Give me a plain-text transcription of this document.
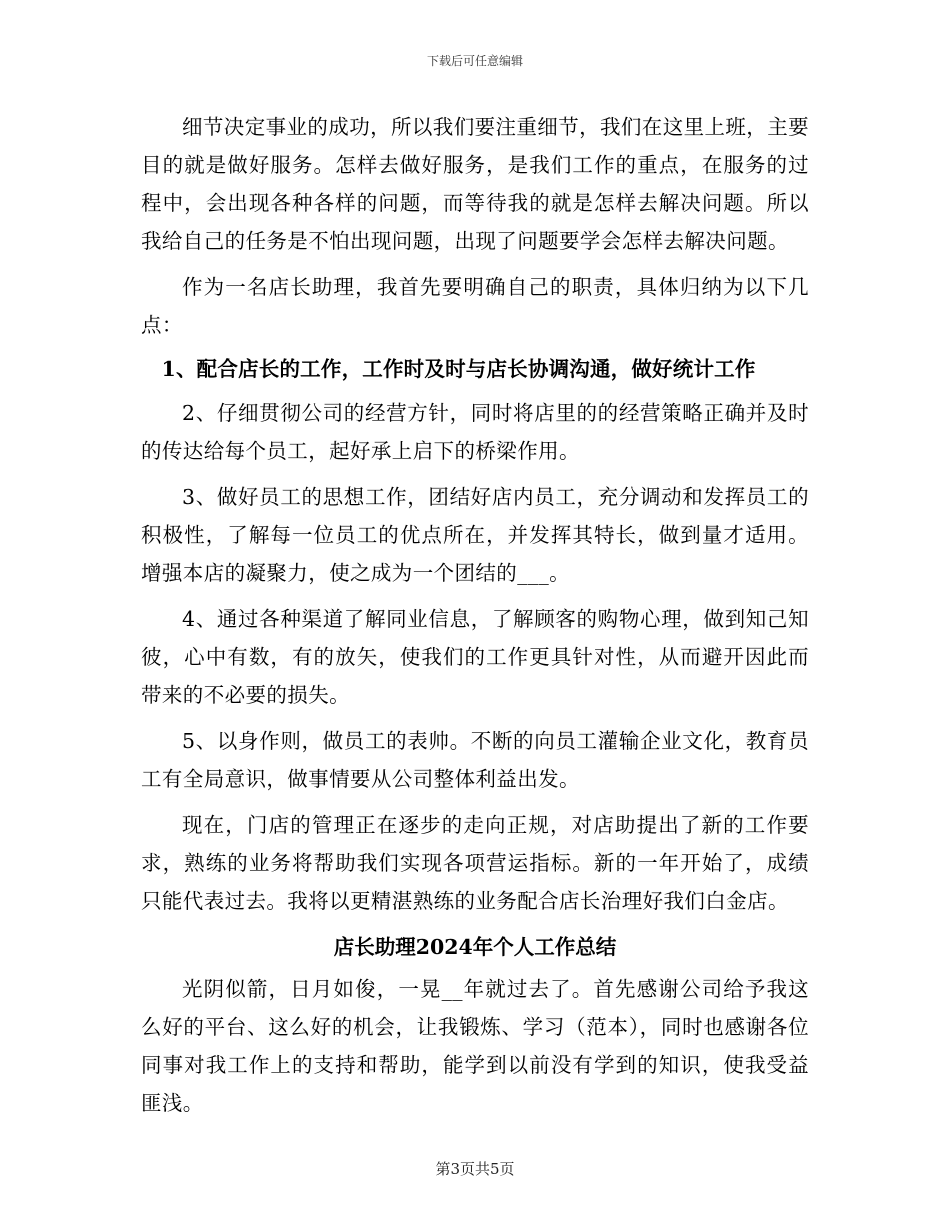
下载后可任意编辑

细节决定事业的成功，所以我们要注重细节，我们在这里上班，主要目的就是做好服务。怎样去做好服务，是我们工作的重点，在服务的过程中，会出现各种各样的问题，而等待我的就是怎样去解决问题。所以我给自己的任务是不怕出现问题，出现了问题要学会怎样去解决问题。

作为一名店长助理，我首先要明确自己的职责，具体归纳为以下几点：

1、配合店长的工作，工作时及时与店长协调沟通，做好统计工作

2、仔细贯彻公司的经营方针，同时将店里的的经营策略正确并及时的传达给每个员工，起好承上启下的桥梁作用。

3、做好员工的思想工作，团结好店内员工，充分调动和发挥员工的积极性，了解每一位员工的优点所在，并发挥其特长，做到量才适用。增强本店的凝聚力，使之成为一个团结的___。

4、通过各种渠道了解同业信息，了解顾客的购物心理，做到知己知彼，心中有数，有的放矢，使我们的工作更具针对性，从而避开因此而带来的不必要的损失。

5、以身作则，做员工的表帅。不断的向员工灌输企业文化，教育员工有全局意识，做事情要从公司整体利益出发。

现在，门店的管理正在逐步的走向正规，对店助提出了新的工作要求，熟练的业务将帮助我们实现各项营运指标。新的一年开始了，成绩只能代表过去。我将以更精湛熟练的业务配合店长治理好我们白金店。

店长助理2024年个人工作总结

光阴似箭，日月如俊，一晃__年就过去了。首先感谢公司给予我这么好的平台、这么好的机会，让我锻炼、学习（范本），同时也感谢各位同事对我工作上的支持和帮助，能学到以前没有学到的知识，使我受益匪浅。

第3页共5页
